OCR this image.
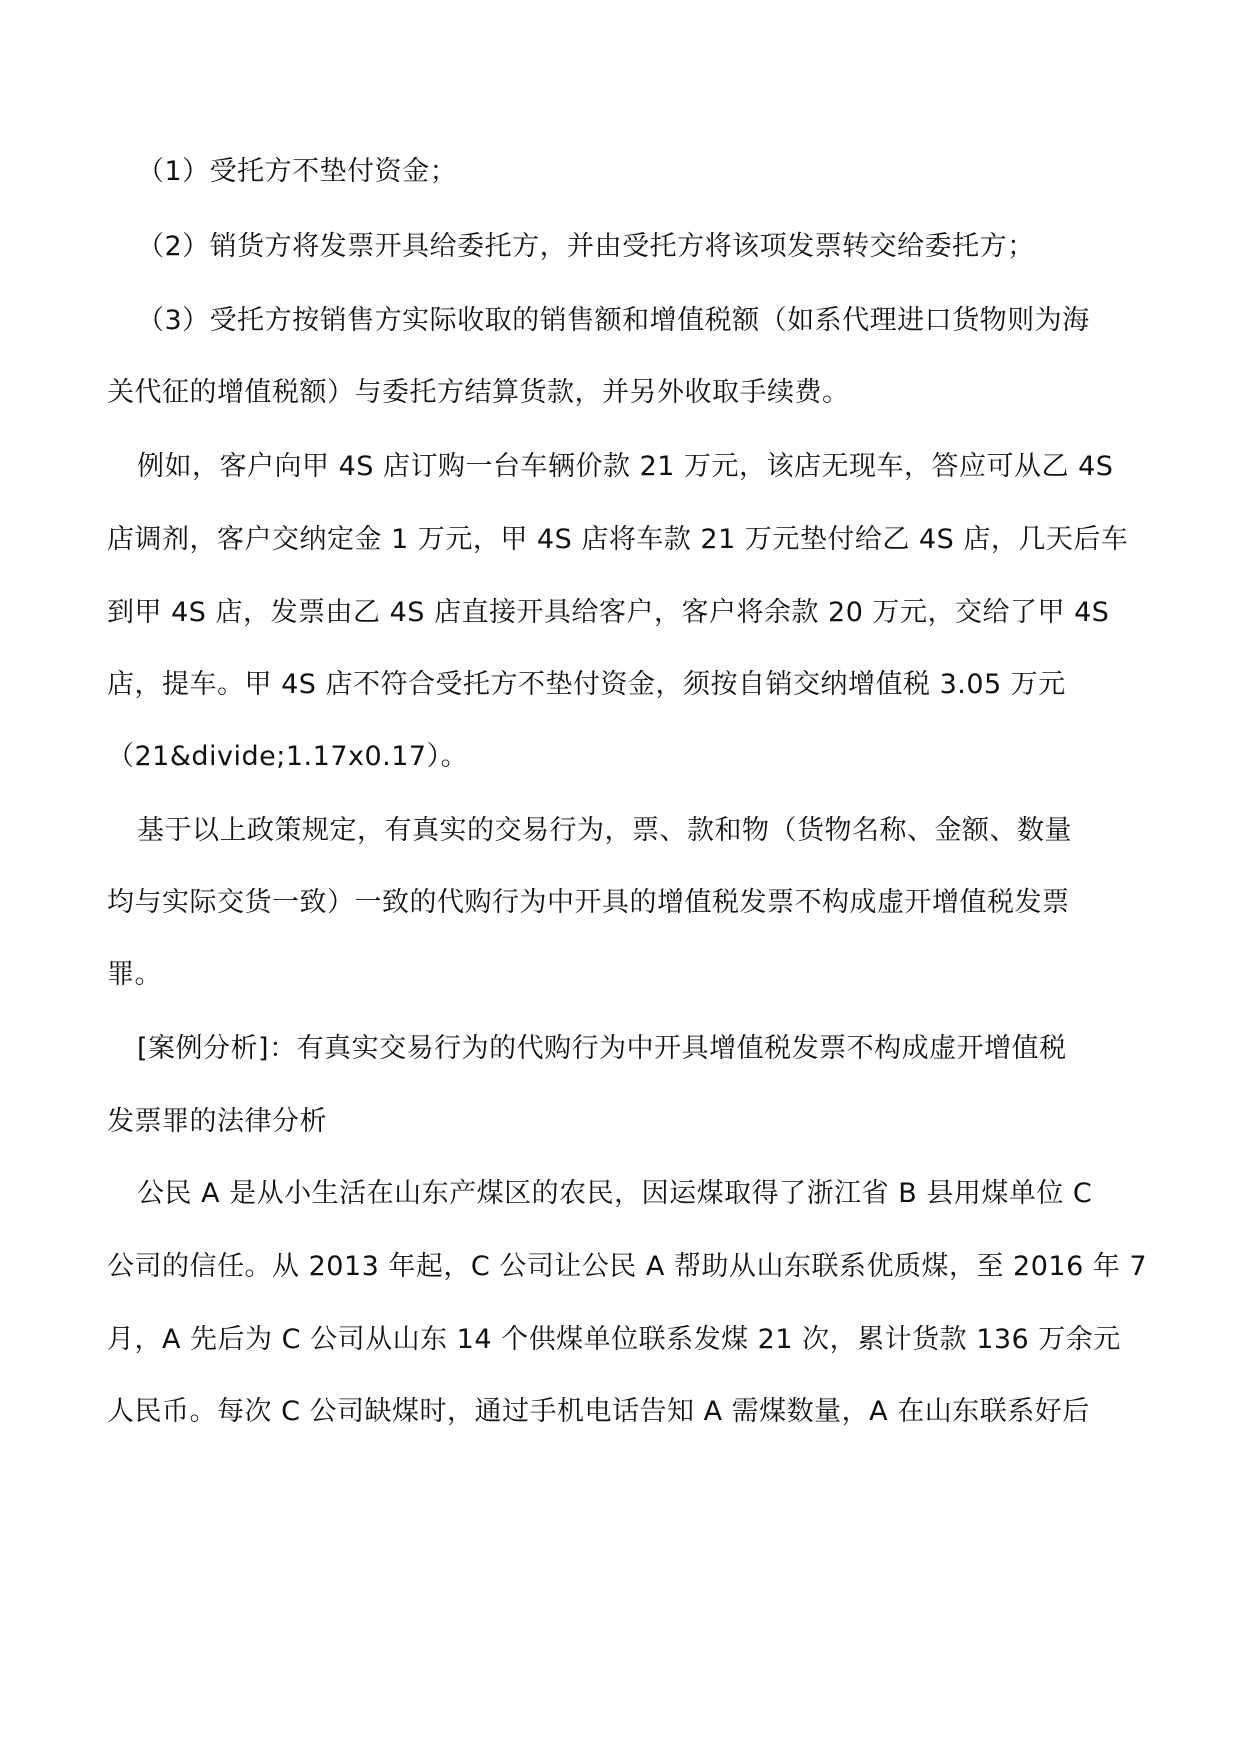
（1）受托方不垫付资金；
（2）销货方将发票开具给委托方，并由受托方将该项发票转交给委托方；
（3）受托方按销售方实际收取的销售额和增值税额（如系代理进口货物则为海
关代征的增值税额）与委托方结算货款，并另外收取手续费。
例如，客户向甲 4S 店订购一台车辆价款 21 万元，该店无现车，答应可从乙 4S
店调剂，客户交纳定金 1 万元，甲 4S 店将车款 21 万元垫付给乙 4S 店，几天后车
到甲 4S 店，发票由乙 4S 店直接开具给客户，客户将余款 20 万元，交给了甲 4S
店，提车。甲 4S 店不符合受托方不垫付资金，须按自销交纳增值税 3.05 万元
（21&divide;1.17x0.17）。
基于以上政策规定，有真实的交易行为，票、款和物（货物名称、金额、数量
均与实际交货一致）一致的代购行为中开具的增值税发票不构成虚开增值税发票
罪。
[案例分析]：有真实交易行为的代购行为中开具增值税发票不构成虚开增值税
发票罪的法律分析
公民 A 是从小生活在山东产煤区的农民，因运煤取得了浙江省 B 县用煤单位 C
公司的信任。从 2013 年起，C 公司让公民 A 帮助从山东联系优质煤，至 2016 年 7
月，A 先后为 C 公司从山东 14 个供煤单位联系发煤 21 次，累计货款 136 万余元
人民币。每次 C 公司缺煤时，通过手机电话告知 A 需煤数量，A 在山东联系好后
